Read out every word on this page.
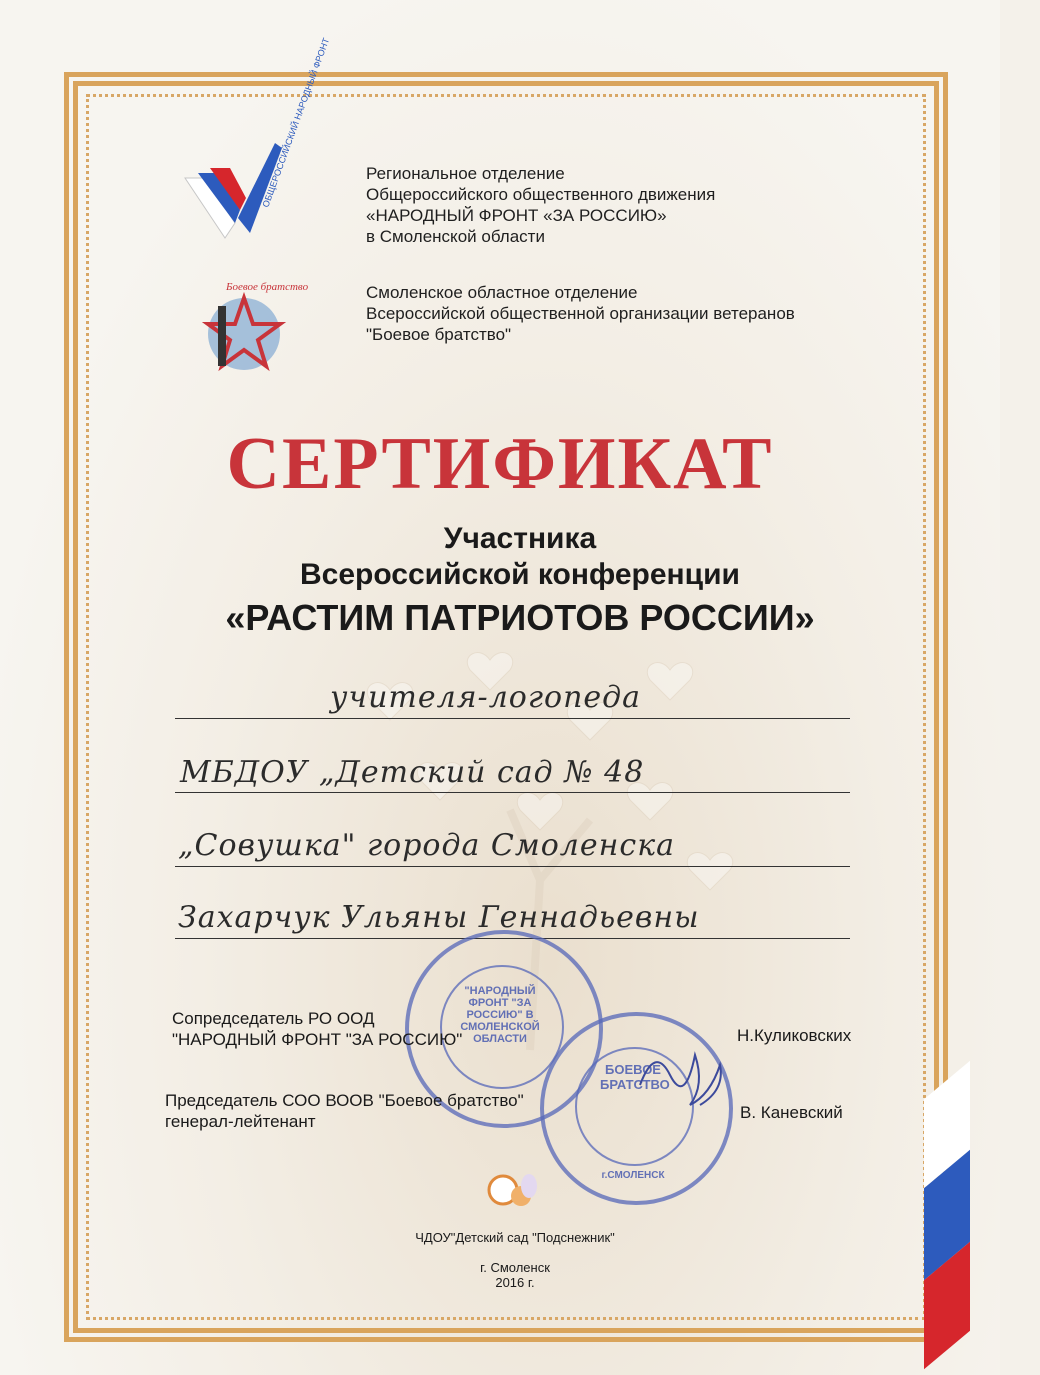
ОБЩЕРОССИЙСКИЙ НАРОДНЫЙ ФРОНТ Региональное отделение
Общероссийского общественного движения
«НАРОДНЫЙ ФРОНТ «ЗА РОССИЮ»
в Смоленской области
Боевое братство	Смоленское областное отделение
Всероссийской общественной организации ветеранов
"Боевое братство"
СЕРТИФИКАТ
Участника
Всероссийской конференции
«РАСТИМ ПАТРИОТОВ РОССИИ»
учителя-логопеда
МБДОУ „Детский сад № 48
„Совушка" города Смоленска
Захарчук Ульяны Геннадьевны
"НАРОДНЫЙ ФРОНТ "ЗА РОССИЮ" В СМОЛЕНСКОЙ ОБЛАСТИ
БОЕВОЕ БРАТСТВО
г.СМОЛЕНСК
Сопредседатель РО ООД
"НАРОДНЫЙ ФРОНТ "ЗА РОССИЮ"	Н.Куликовских
Председатель СОО ВООВ "Боевое братство"
генерал-лейтенант	В. Каневский
ЧДОУ"Детский сад "Подснежник"
г. Смоленск
2016 г.
